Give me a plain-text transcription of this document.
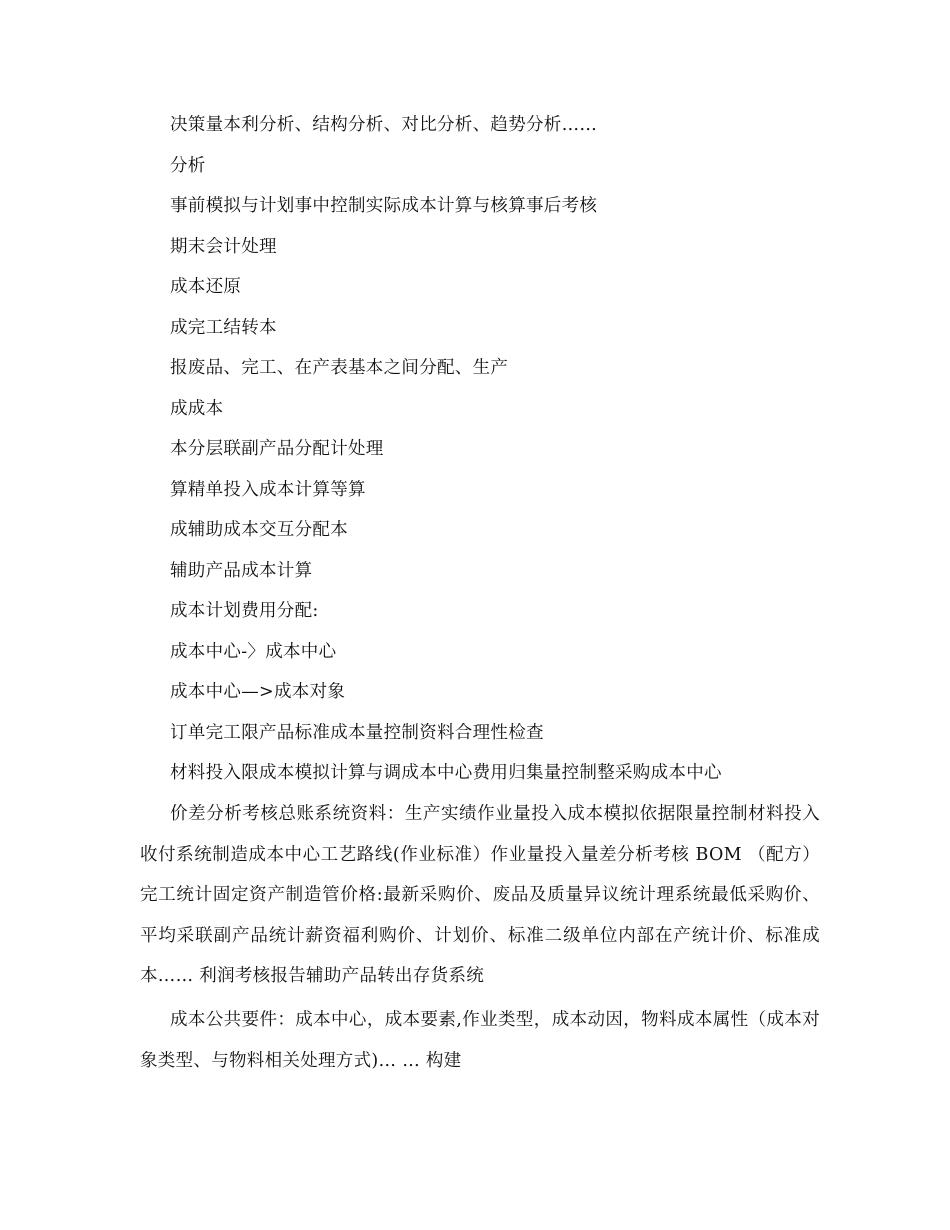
决策量本利分析、结构分析、对比分析、趋势分析……
分析
事前模拟与计划事中控制实际成本计算与核算事后考核
期末会计处理
成本还原
成完工结转本
报废品、完工、在产表基本之间分配、生产
成成本
本分层联副产品分配计处理
算精单投入成本计算等算
成辅助成本交互分配本
辅助产品成本计算
成本计划费用分配:
成本中心-〉成本中心
成本中心—>成本对象
订单完工限产品标准成本量控制资料合理性检查
材料投入限成本模拟计算与调成本中心费用归集量控制整采购成本中心
价差分析考核总账系统资料：生产实绩作业量投入成本模拟依据限量控制材料投入收付系统制造成本中心工艺路线(作业标准）作业量投入量差分析考核 BOM （配方）完工统计固定资产制造管价格:最新采购价、废品及质量异议统计理系统最低采购价、平均采联副产品统计薪资福利购价、计划价、标准二级单位内部在产统计价、标准成本…… 利润考核报告辅助产品转出存货系统
成本公共要件：成本中心，成本要素,作业类型，成本动因，物料成本属性（成本对象类型、与物料相关处理方式)… … 构建
